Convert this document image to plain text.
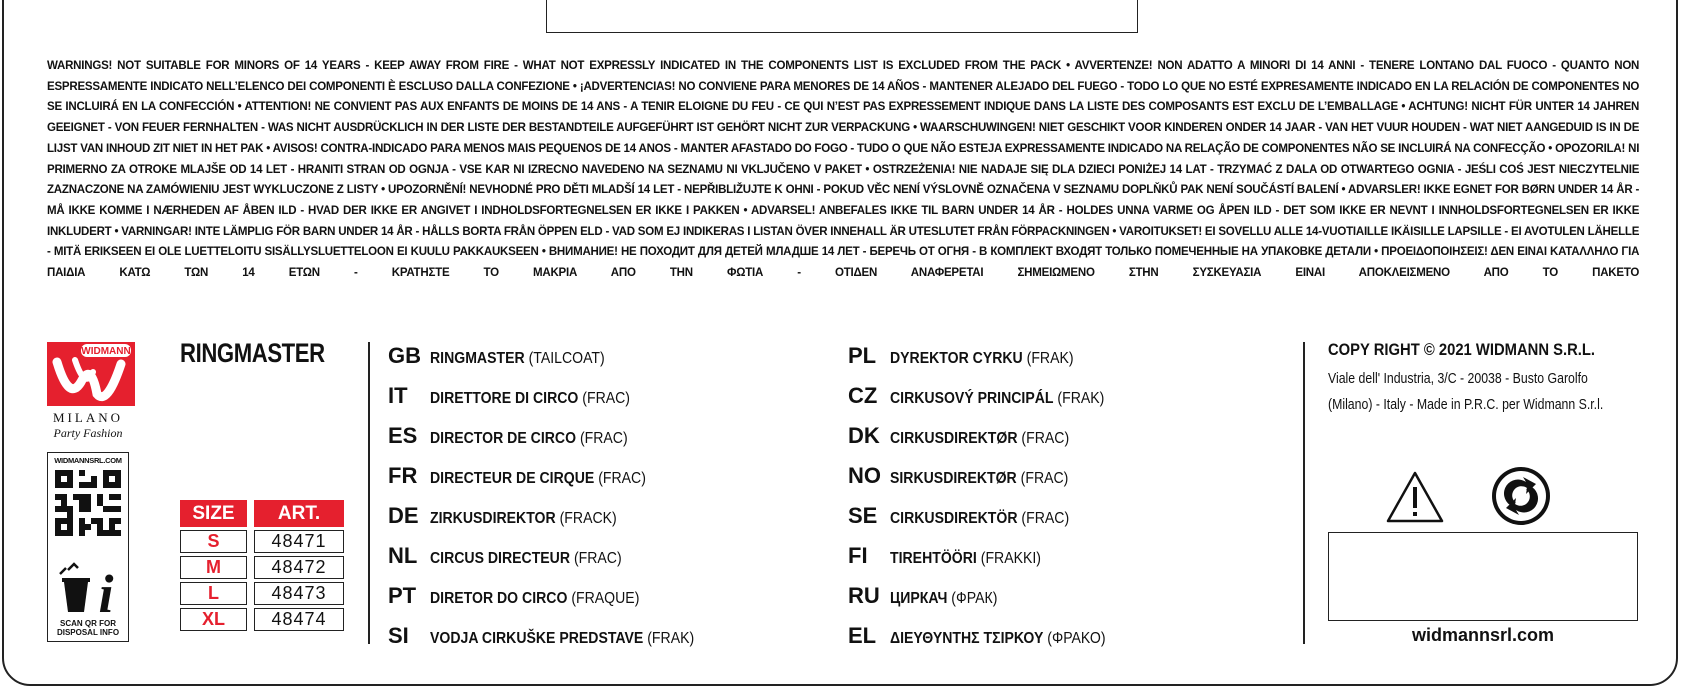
WARNINGS! NOT SUITABLE FOR MINORS OF 14 YEARS - KEEP AWAY FROM FIRE - WHAT NOT EXPRESSLY INDICATED IN THE COMPONENTS LIST IS EXCLUDED FROM THE PACK • AVVERTENZE! NON ADATTO A MINORI DI 14 ANNI - TENERE LONTANO DAL FUOCO - QUANTO NON ESPRESSAMENTE INDICATO NELL’ELENCO DEI COMPONENTI È ESCLUSO DALLA CONFEZIONE • ¡ADVERTENCIAS! NO CONVIENE PARA MENORES DE 14 AÑOS - MANTENER ALEJADO DEL FUEGO - TODO LO QUE NO ESTÉ EXPRESAMENTE INDICADO EN LA RELACIÓN DE COMPONENTES NO SE INCLUIRÁ EN LA CONFECCIÓN • ATTENTION! NE CONVIENT PAS AUX ENFANTS DE MOINS DE 14 ANS - A TENIR ELOIGNE DU FEU - CE QUI N’EST PAS EXPRESSEMENT INDIQUE DANS LA LISTE DES COMPOSANTS EST EXCLU DE L’EMBALLAGE • ACHTUNG! NICHT FÜR UNTER 14 JAHREN GEEIGNET - VON FEUER FERNHALTEN - WAS NICHT AUSDRÜCKLICH IN DER LISTE DER BESTANDTEILE AUFGEFÜHRT IST GEHÖRT NICHT ZUR VERPACKUNG • WAARSCHUWINGEN! NIET GESCHIKT VOOR KINDEREN ONDER 14 JAAR - VAN HET VUUR HOUDEN - WAT NIET AANGEDUID IS IN DE LIJST VAN INHOUD ZIT NIET IN HET PAK • AVISOS! CONTRA-INDICADO PARA MENOS MAIS PEQUENOS DE 14 ANOS - MANTER AFASTADO DO FOGO - TUDO O QUE NÃO ESTEJA EXPRESSAMENTE INDICADO NA RELAÇÃO DE COMPONENTES NÃO SE INCLUIRÁ NA CONFECÇÃO • OPOZORILA! NI PRIMERNO ZA OTROKE MLAJŠE OD 14 LET - HRANITI STRAN OD OGNJA - VSE KAR NI IZRECNO NAVEDENO NA SEZNAMU NI VKLJUČENO V PAKET • OSTRZEŻENIA! NIE NADAJE SIĘ DLA DZIECI PONIŻEJ 14 LAT - TRZYMAĆ Z DALA OD OTWARTEGO OGNIA - JEŚLI COŚ JEST NIECZYTELNIE ZAZNACZONE NA ZAMÓWIENIU JEST WYKLUCZONE Z LISTY • UPOZORNĚNÍ! NEVHODNÉ PRO DĚTI MLADŠÍ 14 LET - NEPŘIBLIŽUJTE K OHNI - POKUD VĚC NENÍ VÝSLOVNĚ OZNAČENA V SEZNAMU DOPLŇKŮ PAK NENÍ SOUČÁSTÍ BALENÍ • ADVARSLER! IKKE EGNET FOR BØRN UNDER 14 ÅR - MÅ IKKE KOMME I NÆRHEDEN AF ÅBEN ILD - HVAD DER IKKE ER ANGIVET I INDHOLDSFORTEGNELSEN ER IKKE I PAKKEN • ADVARSEL! ANBEFALES IKKE TIL BARN UNDER 14 ÅR - HOLDES UNNA VARME OG ÅPEN ILD - DET SOM IKKE ER NEVNT I INNHOLDSFORTEGNELSEN ER IKKE INKLUDERT • VARNINGAR! INTE LÄMPLIG FÖR BARN UNDER 14 ÅR - HÅLLS BORTA FRÅN ÖPPEN ELD - VAD SOM EJ INDIKERAS I LISTAN ÖVER INNEHALL ÄR UTESLUTET FRÅN FÖRPACKNINGEN • VAROITUKSET! EI SOVELLU ALLE 14-VUOTIAILLE IKÄISILLE LAPSILLE - EI AVOTULEN LÄHELLE - MITÄ ERIKSEEN EI OLE LUETTELOITU SISÄLLYSLUETTELOON EI KUULU PAKKAUKSEEN • ВНИМАНИЕ! НЕ ПОХОДИТ ДЛЯ ДЕТЕЙ МЛАДШЕ 14 ЛЕТ - БЕРЕЧЬ ОТ ОГНЯ - В КОМПЛЕКТ ВХОДЯТ ТОЛЬКО ПОМЕЧЕННЫЕ НА УПАКОВКЕ ДЕТАЛИ • ΠΡΟΕΙΔΟΠΟΙΗΣΕΙΣ! ΔΕΝ ΕΙΝΑΙ ΚΑΤΑΛΛΗΛΟ ΓΙΑ ΠΑΙΔΙΑ ΚΑΤΩ ΤΩΝ 14 ΕΤΩΝ - ΚΡΑΤΗΣΤΕ ΤΟ ΜΑΚΡΙΑ ΑΠΟ ΤΗΝ ΦΩΤΙΑ - ΟΤΙΔΕΝ ΑΝΑΦΕΡΕΤΑΙ ΣΗΜΕΙΩΜΕΝΟ ΣΤΗΝ ΣΥΣΚΕΥΑΣΙΑ ΕΙΝΑΙ ΑΠΟΚΛΕΙΣΜΕΝΟ ΑΠΟ ΤΟ ΠΑΚΕΤΟ
WIDMANN
MILANO
Party Fashion
WIDMANNSRL.COM
i
SCAN QR FOR
DISPOSAL INFO
RINGMASTER
SIZE	ART.
S	48471
M	48472
L	48473
XL	48474
GB RINGMASTER (TAILCOAT)
IT	DIRETTORE DI CIRCO (FRAC)
ES DIRECTOR DE CIRCO (FRAC)
FR DIRECTEUR DE CIRQUE (FRAC)
DE ZIRKUSDIREKTOR (FRACK)
NL CIRCUS DIRECTEUR (FRAC)
PT DIRETOR DO CIRCO (FRAQUE)
SI	VODJA CIRKUŠKE PREDSTAVE (FRAK)
PL DYREKTOR CYRKU (FRAK)
CZ CIRKUSOVÝ PRINCIPÁL (FRAK)
DK CIRKUSDIREKTØR (FRAC)
NO SIRKUSDIREKTØR (FRAC)
SE CIRKUSDIREKTÖR (FRAC)
FI	TIREHTÖÖRI (FRAKKI)
RU ЦИРКАЧ (ФРАК)
EL ΔΙΕΥΘΥΝΤΗΣ ΤΣΙΡΚΟΥ (ΦΡΑΚΟ)
COPY RIGHT © 2021 WIDMANN S.R.L.
Viale dell' Industria, 3/C - 20038 - Busto Garolfo
(Milano) - Italy - Made in P.R.C. per Widmann S.r.l.
widmannsrl.com
